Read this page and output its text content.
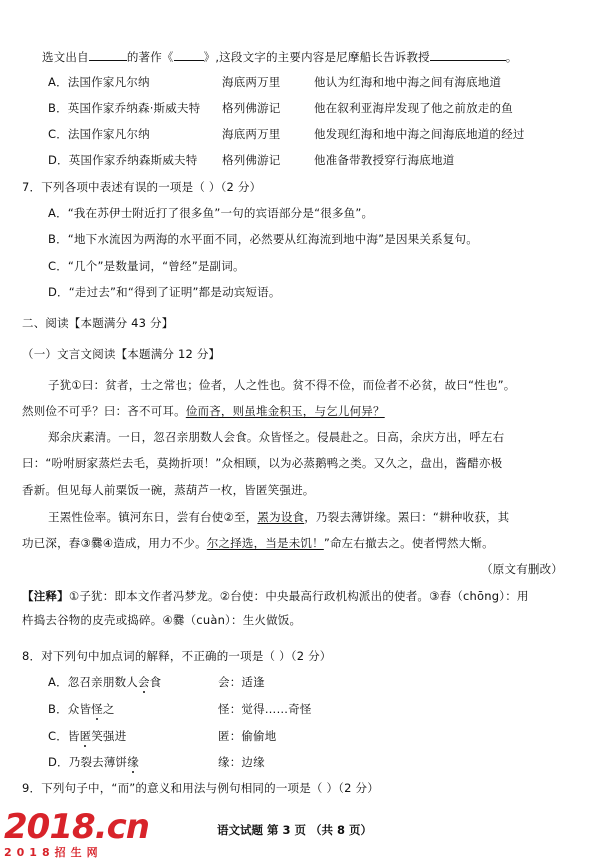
选文出自	的著作《	》,这段文字的主要内容是尼摩船长告诉教授	。
A．法国作家凡尔纳	海底两万里	他认为红海和地中海之间有海底地道
B．英国作家乔纳森·斯威夫特 格列佛游记	他在叙利亚海岸发现了他之前放走的鱼
C．法国作家凡尔纳	海底两万里	他发现红海和地中海之间海底地道的经过
D．英国作家乔纳森斯威夫特 格列佛游记	他准备带教授穿行海底地道
7．下列各项中表述有误的一项是（ ）（2 分）
A．“我在苏伊士附近打了很多鱼”一句的宾语部分是“很多鱼”。
B．“地下水流因为两海的水平面不同，必然要从红海流到地中海”是因果关系复句。
C．“几个”是数量词，“曾经”是副词。
D．“走过去”和“得到了证明”都是动宾短语。
二、阅读【本题满分 43 分】
（一）文言文阅读【本题满分 12 分】
子犹①曰：贫者，士之常也；俭者，人之性也。贫不得不俭，而俭者不必贫，故曰“性也”。
然则俭不可乎？曰：吝不可耳。俭而吝，则虽堆金积玉，与乞儿何异？
郑余庆素清。一日，忽召亲朋数人会食。众皆怪之。侵晨赴之。日高，余庆方出，呼左右
曰：“吩咐厨家蒸烂去毛，莫拗折项！”众相顾，以为必蒸鹅鸭之类。又久之，盘出，酱醋亦极
香新。但见每人前粟饭一碗，蒸葫芦一枚，皆匿笑强进。
王罴性俭率。镇河东日，尝有台使②至，罴为设食，乃裂去薄饼缘。罴曰：“耕种收获，其
功已深，舂③爨④造成，用力不少。尔之择选，当是未饥！”命左右撤去之。使者愕然大惭。
（原文有删改）
【注释】①子犹：即本文作者冯梦龙。②台使：中央最高行政机构派出的使者。③舂（chōng）：用
杵捣去谷物的皮壳或捣碎。④爨（cuàn）：生火做饭。
8．对下列句中加点词的解释，不正确的一项是（ ）（2 分）
A．忽召亲朋数人会食	会：适逢
B．众皆怪之	怪：觉得……奇怪
C．皆匿笑强进	匿：偷偷地
D．乃裂去薄饼缘	缘：边缘
9．下列句子中，“而”的意义和用法与例句相同的一项是（ ）（2 分）
2018.cn
2018招生网
语文试题 第 3 页 （共 8 页）
